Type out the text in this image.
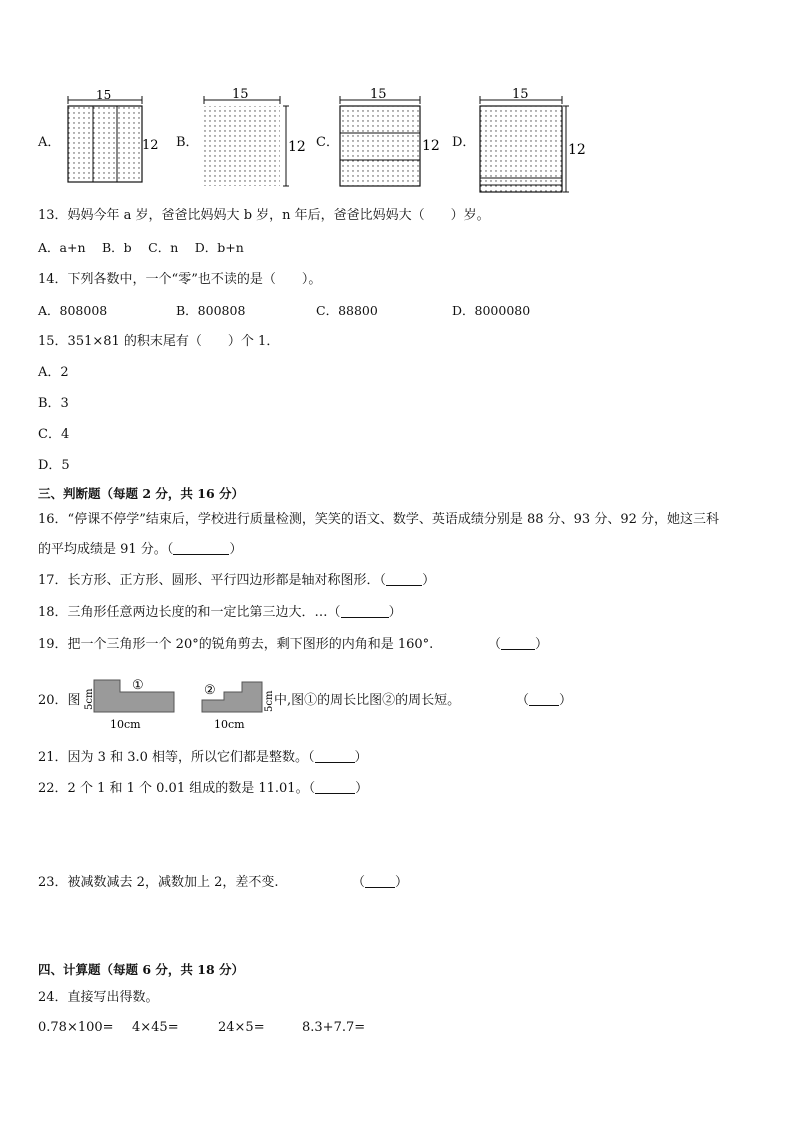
A．
15
12 B．
15
12 C．
15
12 D．
15
12
13．妈妈今年 a 岁，爸爸比妈妈大 b 岁，n 年后，爸爸比妈妈大（　　）岁。
A．a+n　 B．b　 C．n　 D．b+n
14．下列各数中，一个“零”也不读的是（　　）。
A．808008	B．800808	C．88800	D．8000080
15．351×81 的积末尾有（　　）个 1．
A．2
B．3
C．4
D．5
三、判断题（每题 2 分，共 16 分）
16．“停课不停学”结束后，学校进行质量检测，笑笑的语文、数学、英语成绩分别是 88 分、93 分、92 分，她这三科
的平均成绩是 91 分。（	）
17．长方形、正方形、圆形、平行四边形都是轴对称图形．（	）
18．三角形任意两边长度的和一定比第三边大．…（	）
19．把一个三角形一个 20°的锐角剪去，剩下图形的内角和是 160°.	（	）
20．图 5cm
①
10cm
②
5cm
10cm
中,图①的周长比图②的周长短。	（ ）
21．因为 3 和 3.0 相等，所以它们都是整数。（	）
22．2 个 1 和 1 个 0.01 组成的数是 11.01。（	）
23．被减数减去 2，减数加上 2，差不变.	（ ）
四、计算题（每题 6 分，共 18 分）
24．直接写出得数。
0.78×100= 4×45=	24×5=	8.3+7.7=
